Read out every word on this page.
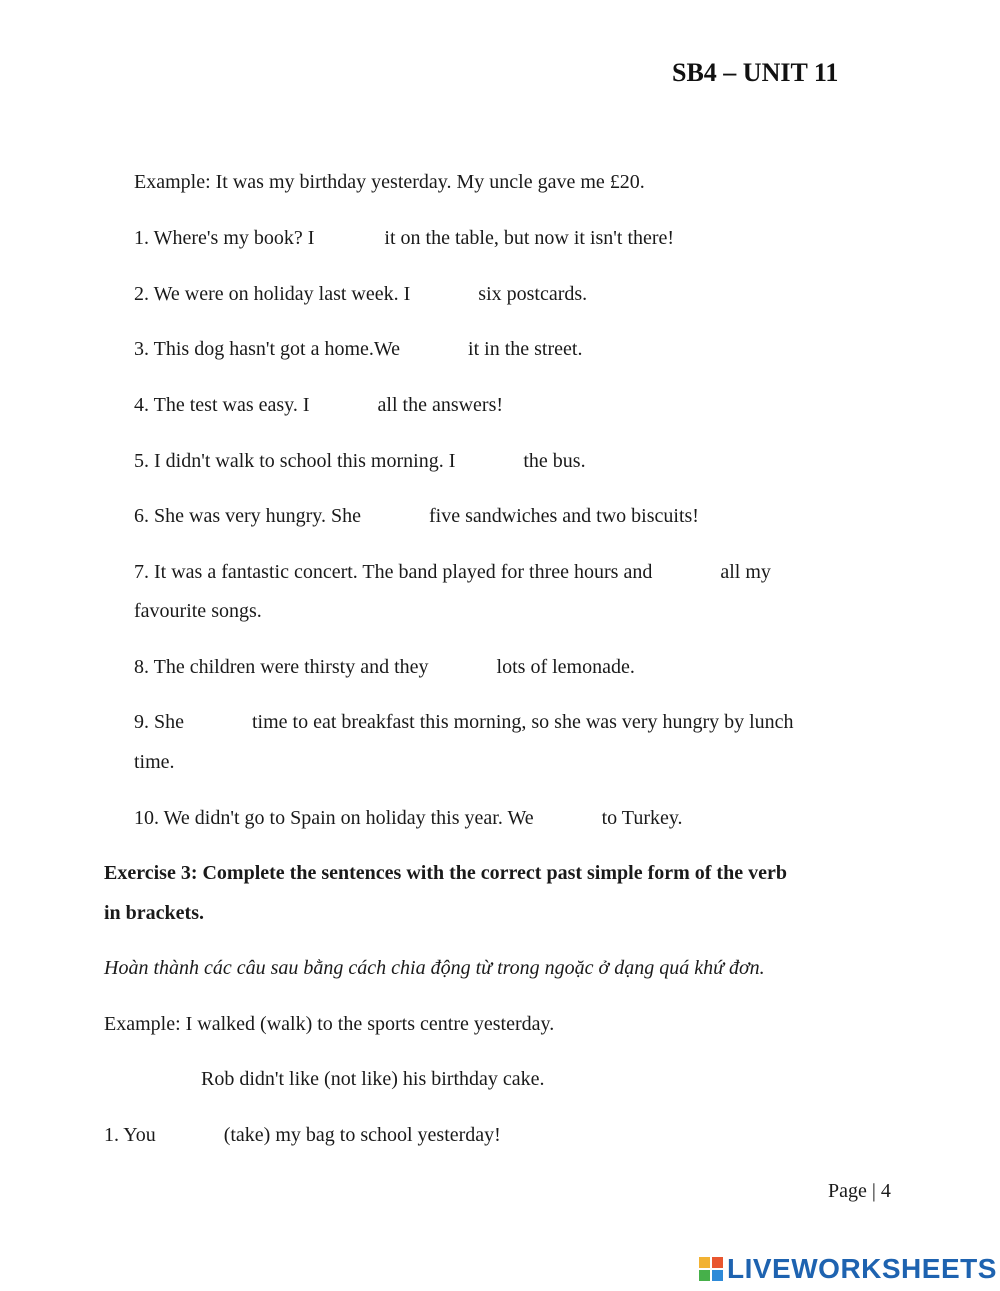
SB4 – UNIT 11
Example: It was my birthday yesterday. My uncle gave me £20.
1. Where's my book? I	it on the table, but now it isn't there!
2. We were on holiday last week. I	six postcards.
3. This dog hasn't got a home.We	it in the street.
4. The test was easy. I	all the answers!
5. I didn't walk to school this morning. I	the bus.
6. She was very hungry. She	five sandwiches and two biscuits!
7. It was a fantastic concert. The band played for three hours and	all my
favourite songs.
8. The children were thirsty and they	lots of lemonade.
9. She	time to eat breakfast this morning, so she was very hungry by lunch
time.
10. We didn't go to Spain on holiday this year. We	to Turkey.
Exercise 3: Complete the sentences with the correct past simple form of the verb
in brackets.
Hoàn thành các câu sau bằng cách chia động từ trong ngoặc ở dạng quá khứ đơn.
Example: I walked (walk) to the sports centre yesterday.
Rob didn't like (not like) his birthday cake.
1. You	(take) my bag to school yesterday!
Page | 4
LIVEWORKSHEETS
